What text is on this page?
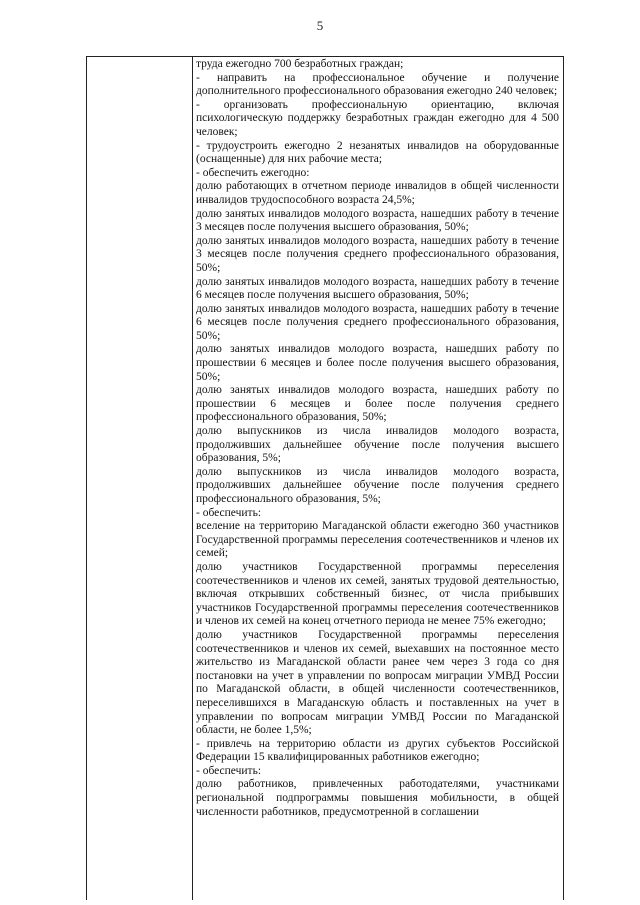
5

труда ежегодно 700 безработных граждан;

- направить на профессиональное обучение и получение дополнительного профессионального образования ежегодно 240 человек;

- организовать профессиональную ориентацию, включая психологическую поддержку безработных граждан ежегодно для 4 500 человек;

- трудоустроить ежегодно 2 незанятых инвалидов на оборудованные (оснащенные) для них рабочие места;

- обеспечить ежегодно:

долю работающих в отчетном периоде инвалидов в общей численности инвалидов трудоспособного возраста 24,5%;

долю занятых инвалидов молодого возраста, нашедших работу в течение 3 месяцев после получения высшего образования, 50%;

долю занятых инвалидов молодого возраста, нашедших работу в течение 3 месяцев после получения среднего профессионального образования, 50%;

долю занятых инвалидов молодого возраста, нашедших работу в течение 6 месяцев после получения высшего образования, 50%;

долю занятых инвалидов молодого возраста, нашедших работу в течение 6 месяцев после получения среднего профессионального образования, 50%;

долю занятых инвалидов молодого возраста, нашедших работу по прошествии 6 месяцев и более после получения высшего образования, 50%;

долю занятых инвалидов молодого возраста, нашедших работу по прошествии 6 месяцев и более после получения среднего профессионального образования, 50%;

долю выпускников из числа инвалидов молодого возраста, продолживших дальнейшее обучение после получения высшего образования, 5%;

долю выпускников из числа инвалидов молодого возраста, продолживших дальнейшее обучение после получения среднего профессионального образования, 5%;

- обеспечить:

вселение на территорию Магаданской области ежегодно 360 участников Государственной программы переселения соотечественников и членов их семей;

долю участников Государственной программы переселения соотечественников и членов их семей, занятых трудовой деятельностью, включая открывших собственный бизнес, от числа прибывших участников Государственной программы переселения соотечественников и членов их семей на конец отчетного периода не менее 75% ежегодно;

долю участников Государственной программы переселения соотечественников и членов их семей, выехавших на постоянное место жительство из Магаданской области ранее чем через 3 года со дня постановки на учет в управлении по вопросам миграции УМВД России по Магаданской области, в общей численности соотечественников, переселившихся в Магаданскую область и поставленных на учет в управлении по вопросам миграции УМВД России по Магаданской области, не более 1,5%;

- привлечь на территорию области из других субъектов Российской Федерации 15 квалифицированных работников ежегодно;

- обеспечить:

долю работников, привлеченных работодателями, участниками региональной подпрограммы повышения мобильности, в общей численности работников, предусмотренной в соглашении
